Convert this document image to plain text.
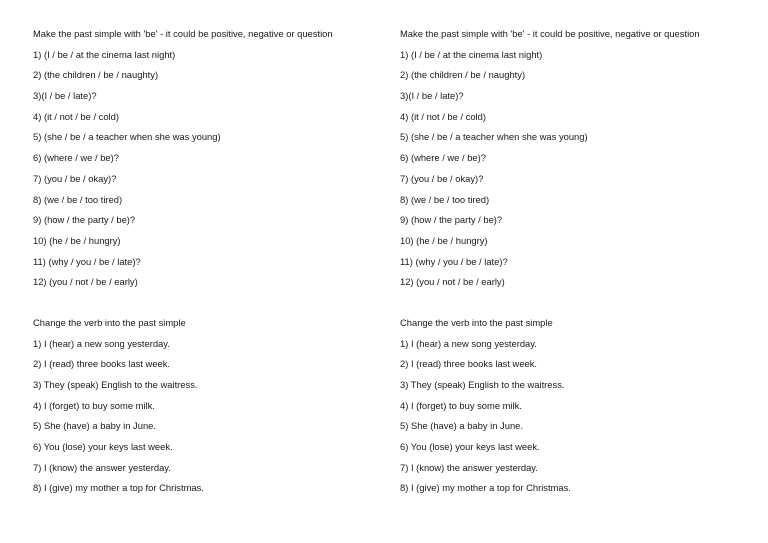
Make the past simple with 'be' - it could be positive, negative or question
1) (I / be / at the cinema last night)
2) (the children / be / naughty)
3)(I / be / late)?
4) (it / not / be / cold)
5) (she / be / a teacher when she was young)
6) (where / we / be)?
7) (you / be / okay)?
8) (we / be / too tired)
9) (how / the party / be)?
10) (he / be / hungry)
11) (why / you / be / late)?
12) (you / not / be / early)
Change the verb into the past simple
1) I (hear) a new song yesterday.
2) I (read) three books last week.
3) They (speak) English to the waitress.
4) I (forget) to buy some milk.
5) She (have) a baby in June.
6) You (lose) your keys last week.
7) I (know) the answer yesterday.
8) I (give) my mother a top for Christmas.
Make the past simple with 'be' - it could be positive, negative or question
1) (I / be / at the cinema last night)
2) (the children / be / naughty)
3)(I / be / late)?
4) (it / not / be / cold)
5) (she / be / a teacher when she was young)
6) (where / we / be)?
7) (you / be / okay)?
8) (we / be / too tired)
9) (how / the party / be)?
10) (he / be / hungry)
11) (why / you / be / late)?
12) (you / not / be / early)
Change the verb into the past simple
1) I (hear) a new song yesterday.
2) I (read) three books last week.
3) They (speak) English to the waitress.
4) I (forget) to buy some milk.
5) She (have) a baby in June.
6) You (lose) your keys last week.
7) I (know) the answer yesterday.
8) I (give) my mother a top for Christmas.
